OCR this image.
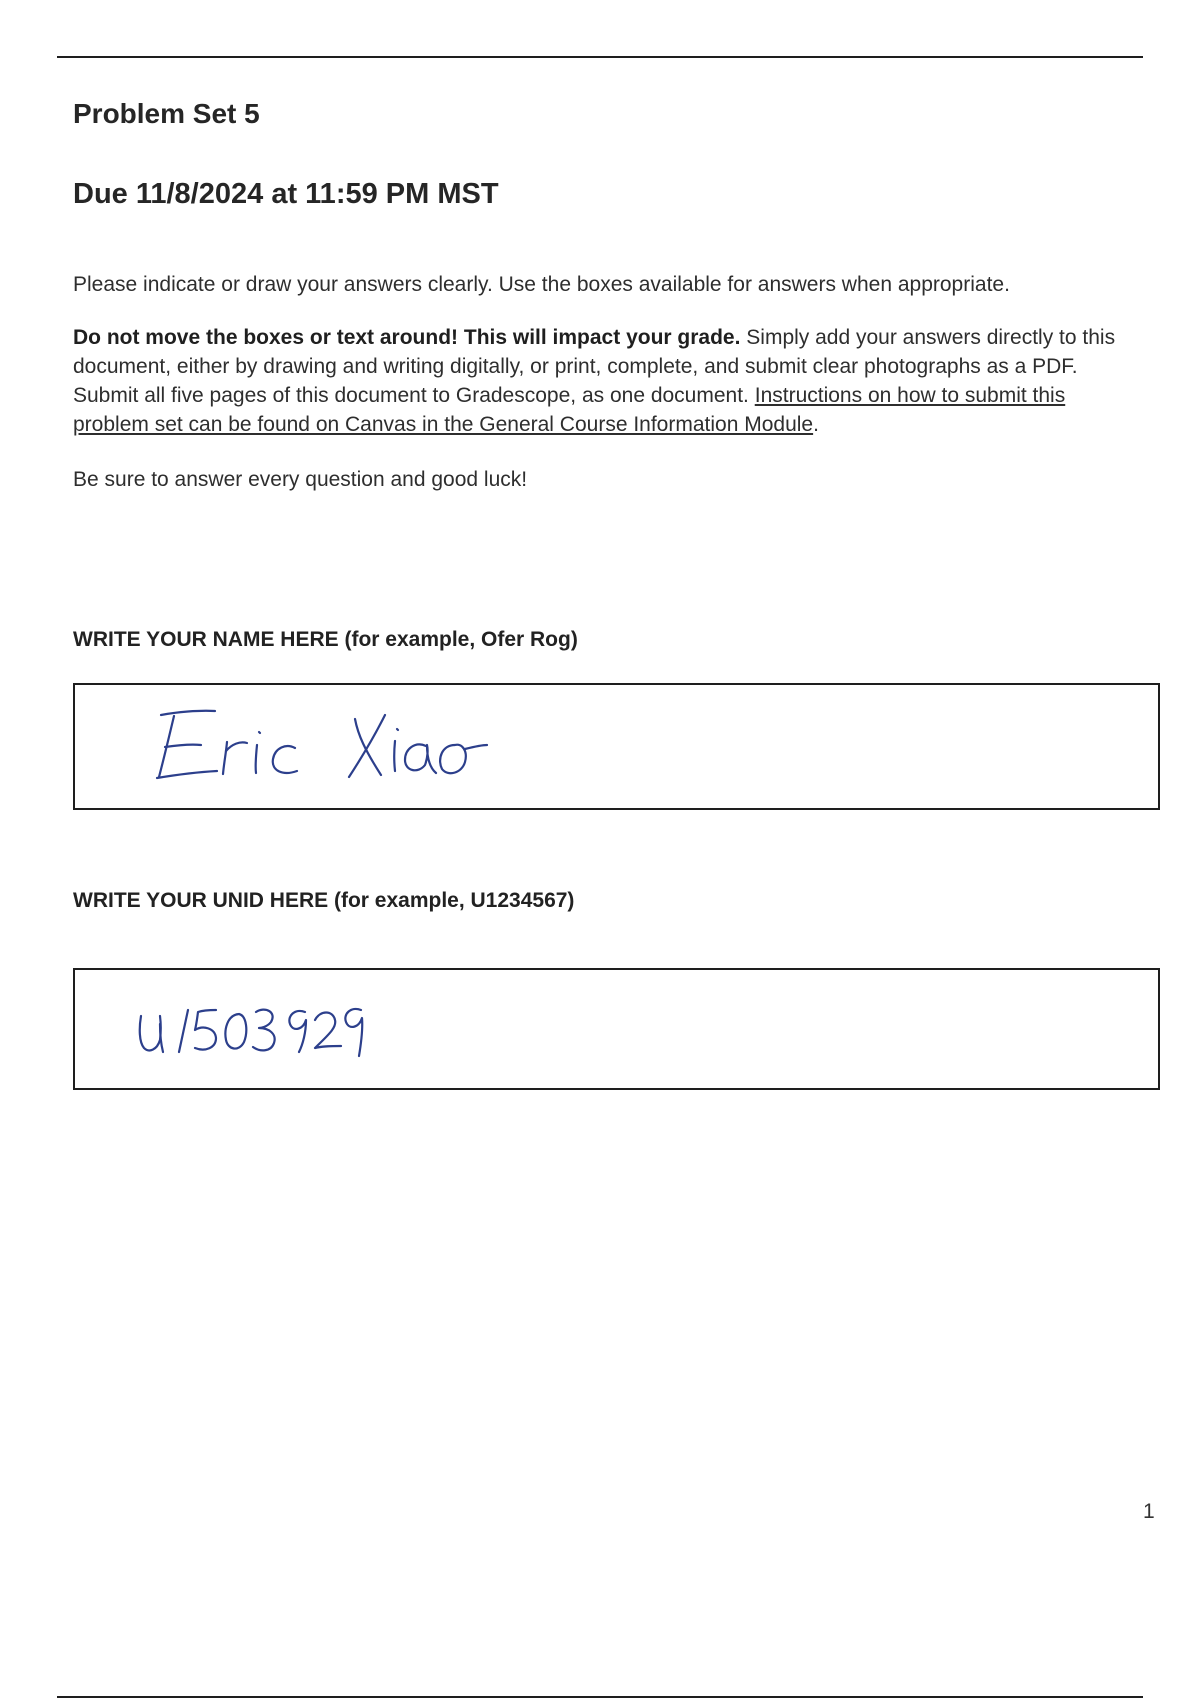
Problem Set 5
Due 11/8/2024 at 11:59 PM MST

Please indicate or draw your answers clearly. Use the boxes available for answers when appropriate.

Do not move the boxes or text around! This will impact your grade. Simply add your answers directly to this document, either by drawing and writing digitally, or print, complete, and submit clear photographs as a PDF. Submit all five pages of this document to Gradescope, as one document. Instructions on how to submit this problem set can be found on Canvas in the General Course Information Module.

Be sure to answer every question and good luck!

WRITE YOUR NAME HERE (for example, Ofer Rog)

WRITE YOUR UNID HERE (for example, U1234567)

1
